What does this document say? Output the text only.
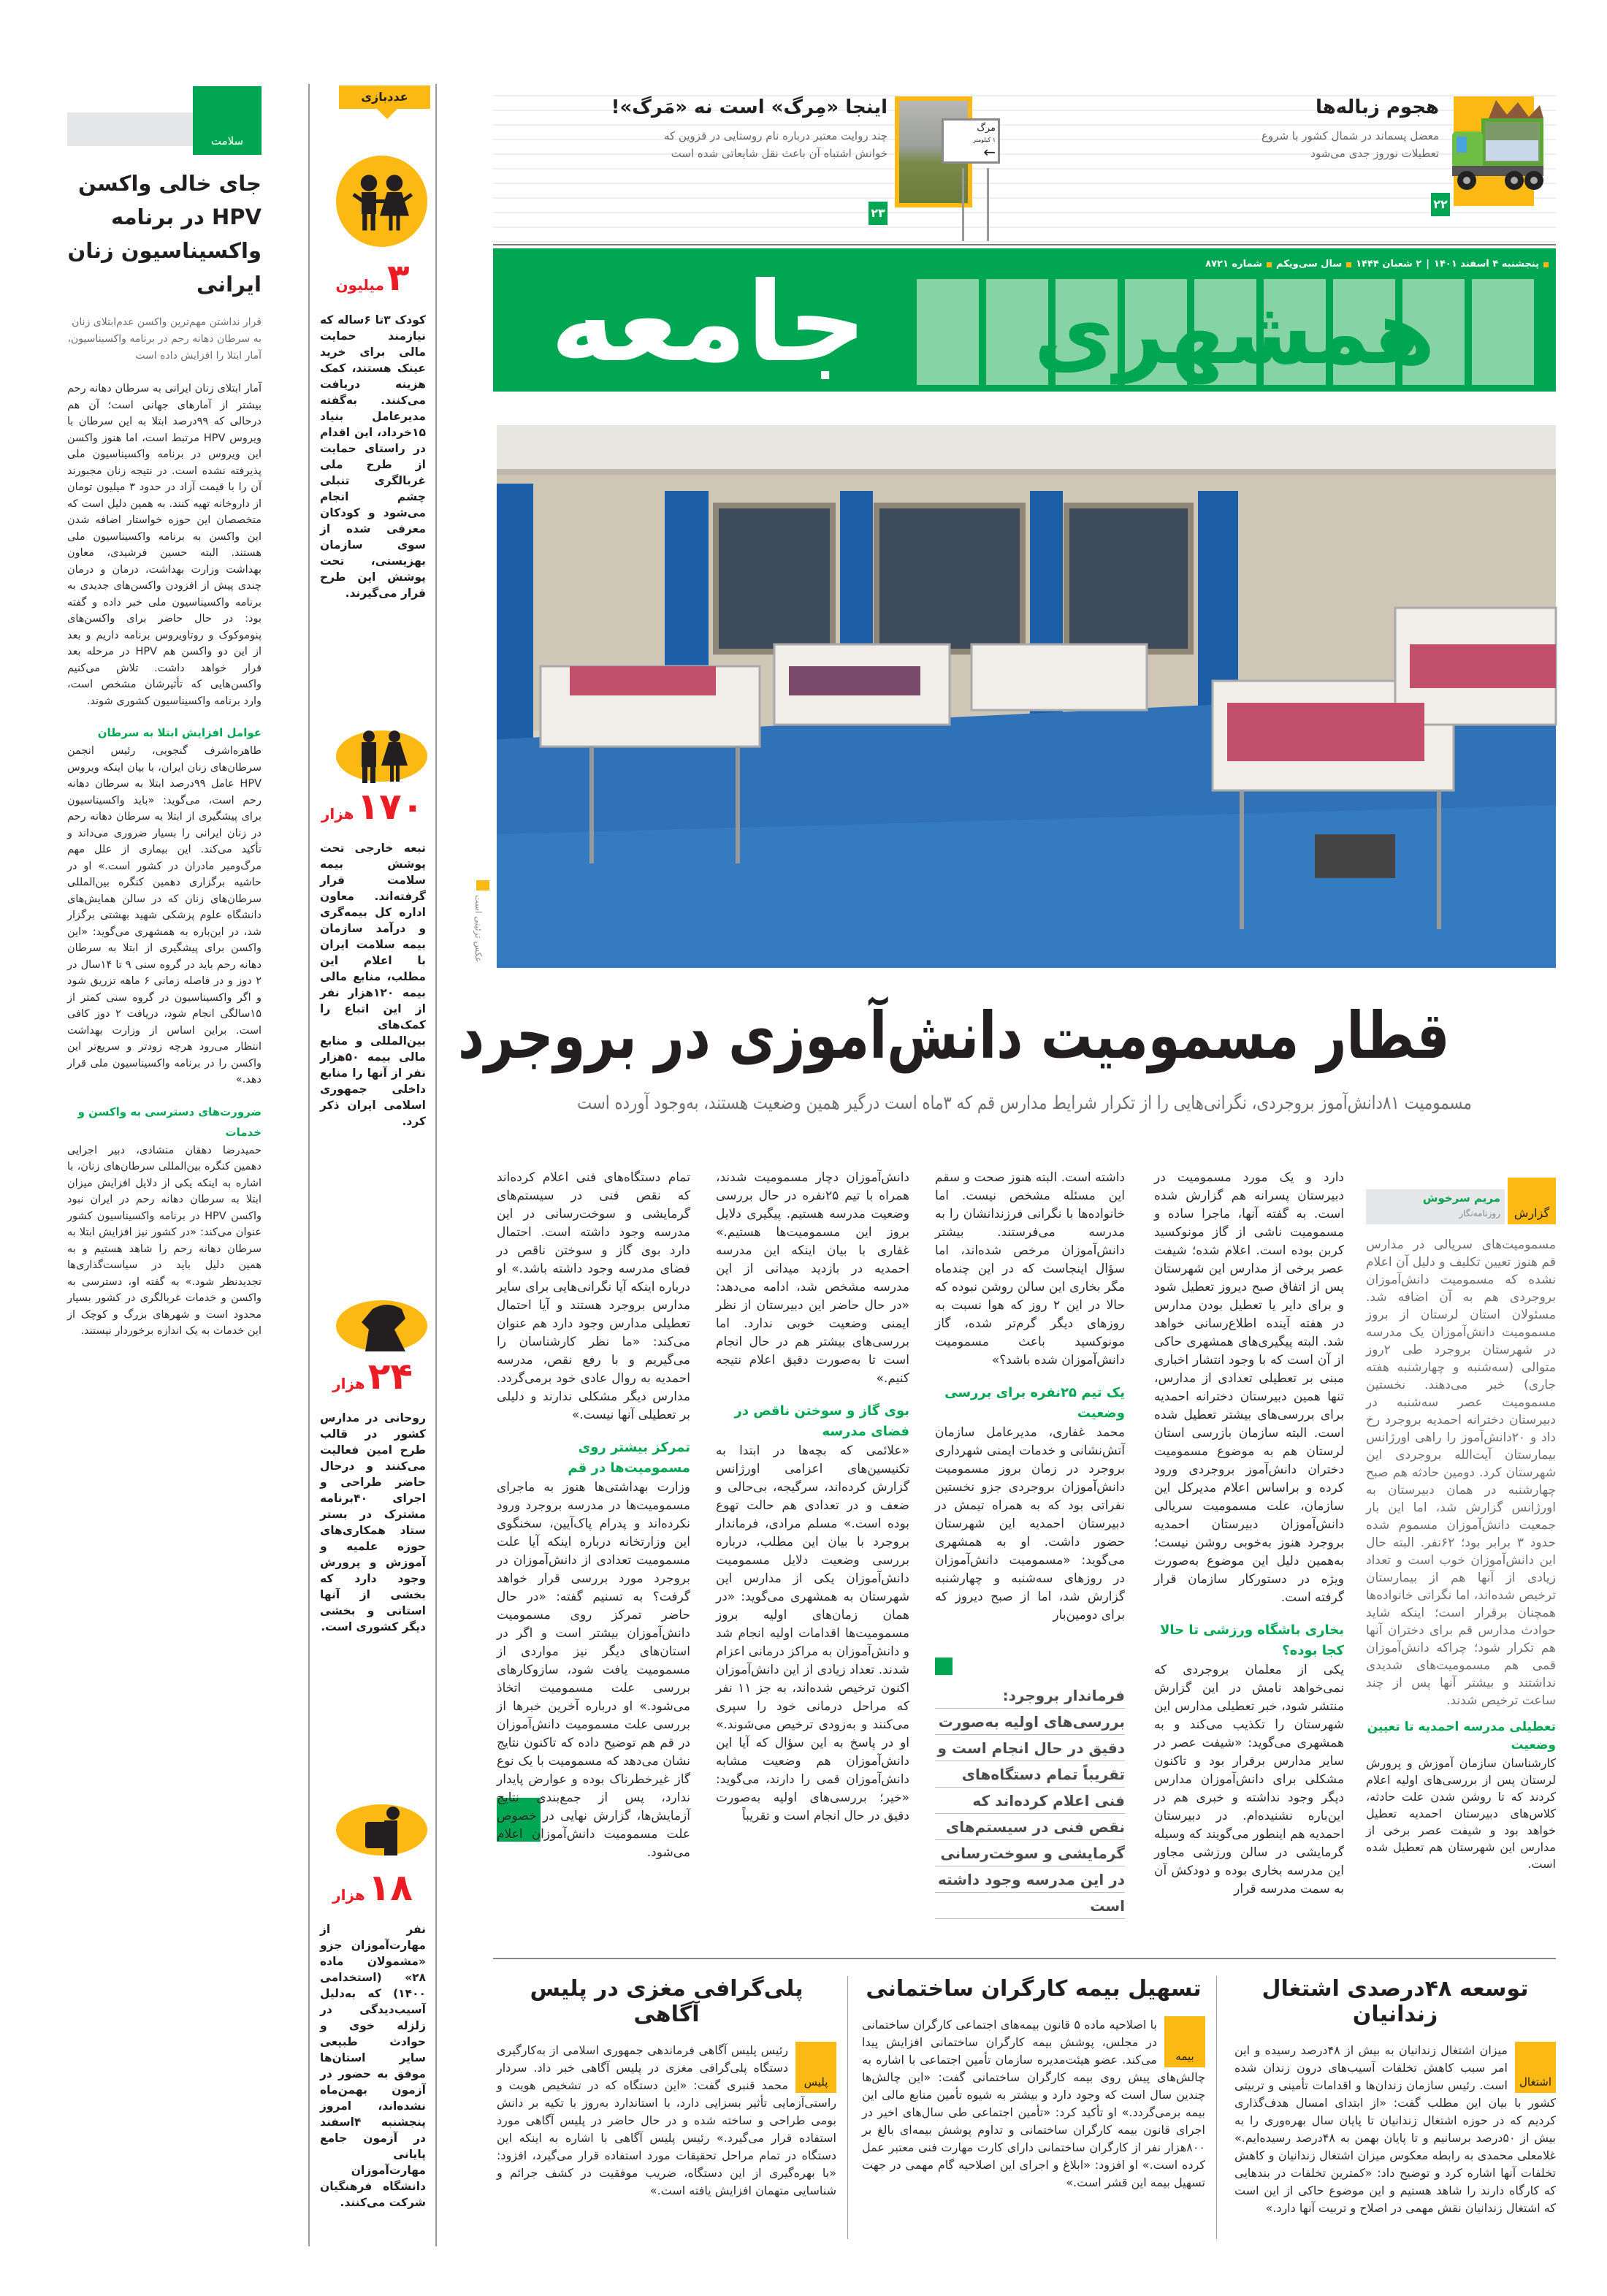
هجوم زباله‌ها
معضل پسماند در شمال کشور با شروع تعطیلات نوروز جدی می‌شود
۲۲
مرگ
۱ کیلومتر
←
اینجا «مِرگ» است نه «مَرگ»!
چند روایت معتبر درباره نام روستایی در قزوین که خوانش اشتباه آن باعث نقل شایعاتی شده است
۲۳
پنجشنبه ۴ اسفند ۱۴۰۱
|
۲ شعبان ۱۴۴۴
سال سی‌ویکم
شماره ۸۷۲۱
همشهری
جامعه
عکس تزئینی است
قطار مسمومیت دانش‌آموزی در بروجرد
مسمومیت ۸۱دانش‌آموز بروجردی، نگرانی‌هایی را از تکرار شرایط مدارس قم که ۳ماه است درگیر همین وضعیت هستند، به‌وجود آورده است
گزارش
مریم سرخوش
روزنامه‌نگار

مسمومیت‌های سریالی در مدارس قم هنوز تعیین تکلیف و دلیل آن اعلام نشده که مسمومیت دانش‌آموزان بروجردی هم به آن اضافه شد. مسئولان استان لرستان از بروز مسمومیت دانش‌آموزان یک مدرسه در شهرستان بروجرد طی ۲روز متوالی (سه‌شنبه و چهارشنبه هفته جاری) خبر می‌دهند. نخستین مسمومیت عصر سه‌شنبه در دبیرستان دخترانه احمدیه بروجرد رخ داد و ۲۰دانش‌آموز را راهی اورژانس بیمارستان آیت‌الله بروجردی این شهرستان کرد. دومین حادثه هم صبح چهارشنبه در همان دبیرستان به اورژانس گزارش شد، اما این بار جمعیت دانش‌آموزان مسموم شده حدود ۳ برابر بود؛ ۶۲نفر. البته حال این دانش‌آموزان خوب است و تعداد زیادی از آنها هم از بیمارستان ترخیص شده‌اند، اما نگرانی خانواده‌ها همچنان برقرار است؛ اینکه شاید حوادث مدارس قم برای دختران آنها هم تکرار شود؛ چراکه دانش‌آموزان قمی هم مسمومیت‌های شدیدی نداشتند و بیشتر آنها پس از چند ساعت ترخیص شدند.

تعطیلی مدرسه احمدیه تا تعیین وضعیت

کارشناسان سازمان آموزش و پرورش لرستان پس از بررسی‌های اولیه اعلام کردند که تا روشن شدن علت حادثه، کلاس‌های دبیرستان احمدیه تعطیل خواهد بود و شیفت عصر برخی از مدارس این شهرستان هم تعطیل شده است.

دارد و یک مورد مسمومیت در دبیرستان پسرانه هم گزارش شده است. به گفته آنها، ماجرا ساده و مسمومیت ناشی از گاز مونوکسید کربن بوده است. اعلام شده؛ شیفت عصر برخی از مدارس این شهرستان پس از اتفاق صبح دیروز تعطیل شود و برای دایر یا تعطیل بودن مدارس در هفته آینده اطلاع‌رسانی خواهد شد. البته پیگیری‌های همشهری حاکی از آن است که با وجود انتشار اخباری مبنی بر تعطیلی تعدادی از مدارس، تنها همین دبیرستان دخترانه احمدیه برای بررسی‌های بیشتر تعطیل شده است. البته سازمان بازرسی استان لرستان هم به موضوع مسمومیت دختران دانش‌آموز بروجردی ورود کرده و براساس اعلام مدیرکل این سازمان، علت مسمومیت سریالی دانش‌آموزان دبیرستان احمدیه بروجرد هنوز به‌خوبی روشن نیست؛ به‌همین دلیل این موضوع به‌صورت ویژه در دستورکار سازمان قرار گرفته است.

بخاری باشگاه ورزشی تا حالا کجا بوده؟

یکی از معلمان بروجردی که نمی‌خواهد نامش در این گزارش منتشر شود، خبر تعطیلی مدارس این شهرستان را تکذیب می‌کند و به همشهری می‌گوید: «شیفت عصر در سایر مدارس برقرار بود و تاکنون مشکلی برای دانش‌آموزان مدارس دیگر وجود نداشته و خبری هم در این‌باره نشنیده‌ام. در دبیرستان احمدیه هم اینطور می‌گویند که وسیله گرمایشی در سالن ورزشی مجاور این مدرسه بخاری بوده و دودکش آن به سمت مدرسه قرار

داشته است. البته هنوز صحت و سقم این مسئله مشخص نیست. اما خانواده‌ها با نگرانی فرزندانشان را به مدرسه می‌فرستند. بیشتر دانش‌آموزان مرخص شده‌اند، اما سؤال اینجاست که در این چندماه مگر بخاری این سالن روشن نبوده که حالا در این ۲ روز که هوا نسبت به روزهای دیگر گرم‌تر شده، گاز مونوکسید باعث مسمومیت دانش‌آموزان شده باشد؟»

یک تیم ۲۵نفره برای بررسی وضعیت

محمد غفاری، مدیرعامل سازمان آتش‌نشانی و خدمات ایمنی شهرداری بروجرد در زمان بروز مسمومیت دانش‌آموزان بروجردی جزو نخستین نفراتی بود که به همراه تیمش در دبیرستان احمدیه این شهرستان حضور داشت. او به همشهری می‌گوید: «مسمومیت دانش‌آموزان در روزهای سه‌شنبه و چهارشنبه گزارش شد، اما از صبح دیروز که برای دومین‌بار

فرماندار بروجرد: بررسی‌های اولیه به‌صورت دقیق در حال انجام است و تقریباً تمام دستگاه‌های فنی اعلام کرده‌اند که نقص فنی در سیستم‌های گرمایشی و سوخت‌رسانی در این مدرسه وجود داشته است

دانش‌آموزان دچار مسمومیت شدند، همراه با تیم ۲۵نفره در حال بررسی وضعیت مدرسه هستیم. پیگیری دلایل بروز این مسمومیت‌ها هستیم.» غفاری با بیان اینکه این مدرسه احمدیه در بازدید میدانی از این مدرسه مشخص شد، ادامه می‌دهد: «در حال حاضر این دبیرستان از نظر ایمنی وضعیت خوبی ندارد. اما بررسی‌های بیشتر هم در حال انجام است تا به‌صورت دقیق اعلام نتیجه کنیم.»

بوی گاز و سوختن ناقص در فضای مدرسه

«علائمی که بچه‌ها در ابتدا به تکنیسین‌های اعزامی اورژانس گزارش کرده‌اند، سرگیجه، بی‌حالی و ضعف و در تعدادی هم حالت تهوع بوده است.» مسلم مرادی، فرماندار بروجرد با بیان این مطلب، درباره بررسی وضعیت دلایل مسمومیت دانش‌آموزان یکی از مدارس این شهرستان به همشهری می‌گوید: «در همان زمان‌های اولیه بروز مسمومیت‌ها اقدامات اولیه انجام شد و دانش‌آموزان به مراکز درمانی اعزام شدند. تعداد زیادی از این دانش‌آموزان اکنون ترخیص شده‌اند، به جز ۱۱ نفر که مراحل درمانی خود را سپری می‌کنند و به‌زودی ترخیص می‌شوند.» او در پاسخ به این سؤال که آیا این دانش‌آموزان هم وضعیت مشابه دانش‌آموزان قمی را دارند، می‌گوید: «خیر؛ بررسی‌های اولیه به‌صورت دقیق در حال انجام است و تقریباً

تمام دستگاه‌های فنی اعلام کرده‌اند که نقص فنی در سیستم‌های گرمایشی و سوخت‌رسانی در این مدرسه وجود داشته است. احتمال دارد بوی گاز و سوختن ناقص در فضای مدرسه وجود داشته باشد.» او درباره اینکه آیا نگرانی‌هایی برای سایر مدارس بروجرد هستند و آیا احتمال تعطیلی مدارس وجود دارد هم عنوان می‌کند: «ما نظر کارشناسان را می‌گیریم و با رفع نقص، مدرسه احمدیه به روال عادی خود برمی‌گردد. مدارس دیگر مشکلی ندارند و دلیلی بر تعطیلی آنها نیست.»

تمرکز بیشتر روی مسمومیت‌ها در قم

وزارت بهداشتی‌ها هنوز به ماجرای مسمومیت‌ها در مدرسه بروجرد ورود نکرده‌اند و پدرام پاک‌آیین، سخنگوی این وزارتخانه درباره اینکه آیا علت مسمومیت تعدادی از دانش‌آموزان در بروجرد مورد بررسی قرار خواهد گرفت؟ به تسنیم گفته: «در حال حاضر تمرکز روی مسمومیت دانش‌آموزان بیشتر است و اگر در استان‌های دیگر نیز مواردی از مسمومیت یافت شود، سازوکارهای بررسی علت مسمومیت اتخاذ می‌شود.» او درباره آخرین خبرها از بررسی علت مسمومیت دانش‌آموزان در قم هم توضیح داده که تاکنون نتایج نشان می‌دهد که مسمومیت با یک نوع گاز غیرخطرناک بوده و عوارض پایدار ندارد، پس از جمع‌بندی نتایج آزمایش‌ها، گزارش نهایی در خصوص علت مسمومیت دانش‌آموزان اعلام می‌شود.

توسعه ۴۸درصدی اشتغال زندانیان
اشتغال

میزان اشتغال زندانیان به بیش از ۴۸درصد رسیده و این امر سبب کاهش تخلفات آسیب‌های درون زندان شده است. رئیس سازمان زندان‌ها و اقدامات تأمینی و تربیتی کشور با بیان این مطلب گفت: «از ابتدای امسال هدف‌گذاری کردیم که در حوزه اشتغال زندانیان تا پایان سال بهره‌وری را به بیش از ۵۰درصد برسانیم و تا پایان بهمن به ۴۸درصد رسیده‌ایم.» غلامعلی محمدی به رابطه معکوس میزان اشتغال زندانیان و کاهش تخلفات آنها اشاره کرد و توضیح داد: «کمترین تخلفات در بندهایی که کارگاه دارند را شاهد هستیم و این موضوع حاکی از این است که اشتغال زندانیان نقش مهمی در اصلاح و تربیت آنها دارد.»

تسهیل بیمه کارگران ساختمانی
بیمه

با اصلاحیه ماده ۵ قانون بیمه‌های اجتماعی کارگران ساختمانی در مجلس، پوشش بیمه کارگران ساختمانی افزایش پیدا می‌کند. عضو هیئت‌مدیره سازمان تأمین اجتماعی با اشاره به چالش‌های پیش روی بیمه کارگران ساختمانی گفت: «این چالش‌ها چندین سال است که وجود دارد و بیشتر به شیوه تأمین منابع مالی این بیمه برمی‌گردد.» او تأکید کرد: «تأمین اجتماعی طی سال‌های اخیر در اجرای قانون بیمه کارگران ساختمانی و تداوم پوشش بیمه‌ای بالغ بر ۸۰۰هزار نفر از کارگران ساختمانی دارای کارت مهارت فنی معتبر عمل کرده است.» او افزود: «ابلاغ و اجرای این اصلاحیه گام مهمی در جهت تسهیل بیمه این قشر است.»

پلی‌گرافی مغزی در پلیس آگاهی
پلیس

رئیس پلیس آگاهی فرماندهی جمهوری اسلامی از به‌کارگیری دستگاه پلی‌گرافی مغزی در پلیس آگاهی خبر داد. سردار محمد قنبری گفت: «این دستگاه که در تشخیص هویت و راستی‌آزمایی تأثیر بسزایی دارد، با استاندارد به‌روز با تکیه بر دانش بومی طراحی و ساخته شده و در حال حاضر در پلیس آگاهی مورد استفاده قرار می‌گیرد.» رئیس پلیس آگاهی با اشاره به اینکه این دستگاه در تمام مراحل تحقیقات مورد استفاده قرار می‌گیرد، افزود: «با بهره‌گیری از این دستگاه، ضریب موفقیت در کشف جرائم و شناسایی متهمان افزایش یافته است.»

عددبازی
۳میلیون

کودک ۳تا ۶ساله که نیازمند حمایت مالی برای خرید عینک هستند، کمک هزینه دریافت می‌کنند. به‌گفته مدیرعامل بنیاد ۱۵خرداد، این اقدام در راستای حمایت از طرح ملی غربالگری تنبلی چشم انجام می‌شود و کودکان معرفی شده از سوی سازمان بهزیستی، تحت پوشش این طرح قرار می‌گیرند.

۱۷۰هزار

تبعه خارجی تحت پوشش بیمه سلامت قرار گرفته‌اند. معاون اداره کل بیمه‌گری و درآمد سازمان بیمه سلامت ایران با اعلام این مطلب، منابع مالی بیمه ۱۲۰هزار نفر از این اتباع را کمک‌های بین‌المللی و منابع مالی بیمه ۵۰هزار نفر از آنها را منابع داخلی جمهوری اسلامی ایران ذکر کرد.

۲۴هزار

روحانی در مدارس کشور در قالب طرح امین فعالیت می‌کنند و درحال حاضر طراحی و اجرای ۴۰برنامه مشترک در بستر ستاد همکاری‌های حوزه علمیه و آموزش و پرورش وجود دارد که بخشی از آنها استانی و بخشی دیگر کشوری است.

۱۸هزار

نفر از مهارت‌آموزان جزو «مشمولان ماده ۲۸» (استخدامی ۱۴۰۰) که به‌دلیل آسیب‌دیدگی در زلزله خوی و حوادث طبیعی سایر استان‌ها موفق به حضور در آزمون بهمن‌ماه نشده‌اند، امروز پنجشنبه ۴اسفند در آزمون جامع پایانی مهارت‌آموزان دانشگاه فرهنگیان شرکت می‌کنند.

سلامت
جای خالی واکسن HPV در برنامه واکسیناسیون زنان ایرانی
قرار نداشتن مهم‌ترین واکسن عدم‌ابتلای زنان به سرطان دهانه رحم در برنامه واکسیناسیون، آمار ابتلا را افزایش داده است

آمار ابتلای زنان ایرانی به سرطان دهانه رحم بیشتر از آمارهای جهانی است؛ آن هم درحالی که ۹۹درصد ابتلا به این سرطان با ویروس HPV مرتبط است، اما هنوز واکسن این ویروس در برنامه واکسیناسیون ملی پذیرفته نشده است. در نتیجه زنان مجبورند آن را با قیمت آزاد در حدود ۳ میلیون تومان از داروخانه تهیه کنند. به همین دلیل است که متخصصان این حوزه خواستار اضافه شدن این واکسن به برنامه واکسیناسیون ملی هستند. البته حسین فرشیدی، معاون بهداشت وزارت بهداشت، درمان و درمان چندی پیش از افزودن واکسن‌های جدیدی به برنامه واکسیناسیون ملی خبر داده و گفته بود: در حال حاضر برای واکسن‌های پنوموکوک و روتاویروس برنامه داریم و بعد از این دو واکسن هم HPV در مرحله بعد قرار خواهد داشت. تلاش می‌کنیم واکسن‌هایی که تأثیرشان مشخص است، وارد برنامه واکسیناسیون کشوری شوند.

عوامل افزایش ابتلا به سرطان

طاهره‌اشرف گنجویی، رئیس انجمن سرطان‌های زنان ایران، با بیان اینکه ویروس HPV عامل ۹۹درصد ابتلا به سرطان دهانه رحم است، می‌گوید: «باید واکسیناسیون برای پیشگیری از ابتلا به سرطان دهانه رحم در زنان ایرانی را بسیار ضروری می‌داند و تأکید می‌کند. این بیماری از علل مهم مرگ‌ومیر مادران در کشور است.» او در حاشیه برگزاری دهمین کنگره بین‌المللی سرطان‌های زنان که در سالن همایش‌های دانشگاه علوم پزشکی شهید بهشتی برگزار شد، در این‌باره به همشهری می‌گوید: «این واکسن برای پیشگیری از ابتلا به سرطان دهانه رحم باید در گروه سنی ۹ تا ۱۴سال در ۲ دوز و در فاصله زمانی ۶ ماهه تزریق شود و اگر واکسیناسیون در گروه سنی کمتر از ۱۵سالگی انجام شود، دریافت ۲ دوز کافی است. براین اساس از وزارت بهداشت انتظار می‌رود هرچه زودتر و سریع‌تر این واکسن را در برنامه واکسیناسیون ملی قرار دهد.»

ضرورت‌های دسترسی به واکسن و خدمات

حمیدرضا دهقان منشادی، دبیر اجرایی دهمین کنگره بین‌المللی سرطان‌های زنان، با اشاره به اینکه یکی از دلایل افزایش میزان ابتلا به سرطان دهانه رحم در ایران نبود واکسن HPV در برنامه واکسیناسیون کشور عنوان می‌کند: «در کشور نیز افزایش ابتلا به سرطان دهانه رحم را شاهد هستیم و به همین دلیل باید در سیاست‌گذاری‌ها تجدیدنظر شود.» به گفته او، دسترسی به واکسن و خدمات غربالگری در کشور بسیار محدود است و شهرهای بزرگ و کوچک از این خدمات به یک اندازه برخوردار نیستند.
